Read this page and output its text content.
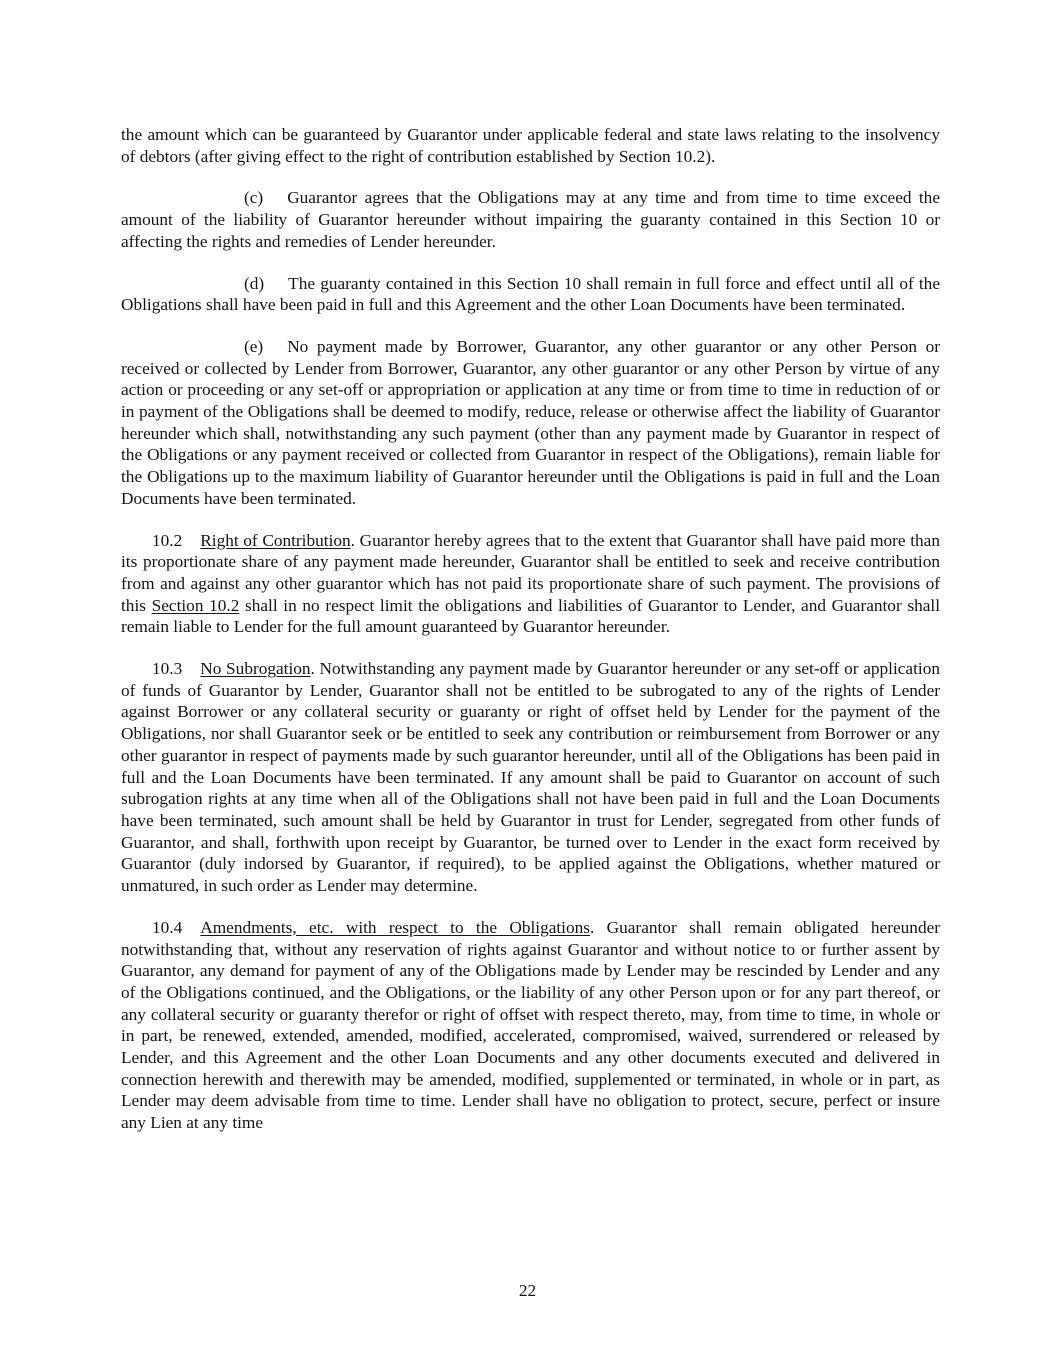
the amount which can be guaranteed by Guarantor under applicable federal and state laws relating to the insolvency of debtors (after giving effect to the right of contribution established by Section 10.2).

(c) Guarantor agrees that the Obligations may at any time and from time to time exceed the amount of the liability of Guarantor hereunder without impairing the guaranty contained in this Section 10 or affecting the rights and remedies of Lender hereunder.

(d) The guaranty contained in this Section 10 shall remain in full force and effect until all of the Obligations shall have been paid in full and this Agreement and the other Loan Documents have been terminated.

(e) No payment made by Borrower, Guarantor, any other guarantor or any other Person or received or collected by Lender from Borrower, Guarantor, any other guarantor or any other Person by virtue of any action or proceeding or any set-off or appropriation or application at any time or from time to time in reduction of or in payment of the Obligations shall be deemed to modify, reduce, release or otherwise affect the liability of Guarantor hereunder which shall, notwithstanding any such payment (other than any payment made by Guarantor in respect of the Obligations or any payment received or collected from Guarantor in respect of the Obligations), remain liable for the Obligations up to the maximum liability of Guarantor hereunder until the Obligations is paid in full and the Loan Documents have been terminated.

10.2 Right of Contribution. Guarantor hereby agrees that to the extent that Guarantor shall have paid more than its proportionate share of any payment made hereunder, Guarantor shall be entitled to seek and receive contribution from and against any other guarantor which has not paid its proportionate share of such payment. The provisions of this Section 10.2 shall in no respect limit the obligations and liabilities of Guarantor to Lender, and Guarantor shall remain liable to Lender for the full amount guaranteed by Guarantor hereunder.

10.3 No Subrogation. Notwithstanding any payment made by Guarantor hereunder or any set-off or application of funds of Guarantor by Lender, Guarantor shall not be entitled to be subrogated to any of the rights of Lender against Borrower or any collateral security or guaranty or right of offset held by Lender for the payment of the Obligations, nor shall Guarantor seek or be entitled to seek any contribution or reimbursement from Borrower or any other guarantor in respect of payments made by such guarantor hereunder, until all of the Obligations has been paid in full and the Loan Documents have been terminated. If any amount shall be paid to Guarantor on account of such subrogation rights at any time when all of the Obligations shall not have been paid in full and the Loan Documents have been terminated, such amount shall be held by Guarantor in trust for Lender, segregated from other funds of Guarantor, and shall, forthwith upon receipt by Guarantor, be turned over to Lender in the exact form received by Guarantor (duly indorsed by Guarantor, if required), to be applied against the Obligations, whether matured or unmatured, in such order as Lender may determine.

10.4 Amendments, etc. with respect to the Obligations. Guarantor shall remain obligated hereunder notwithstanding that, without any reservation of rights against Guarantor and without notice to or further assent by Guarantor, any demand for payment of any of the Obligations made by Lender may be rescinded by Lender and any of the Obligations continued, and the Obligations, or the liability of any other Person upon or for any part thereof, or any collateral security or guaranty therefor or right of offset with respect thereto, may, from time to time, in whole or in part, be renewed, extended, amended, modified, accelerated, compromised, waived, surrendered or released by Lender, and this Agreement and the other Loan Documents and any other documents executed and delivered in connection herewith and therewith may be amended, modified, supplemented or terminated, in whole or in part, as Lender may deem advisable from time to time. Lender shall have no obligation to protect, secure, perfect or insure any Lien at any time

22
